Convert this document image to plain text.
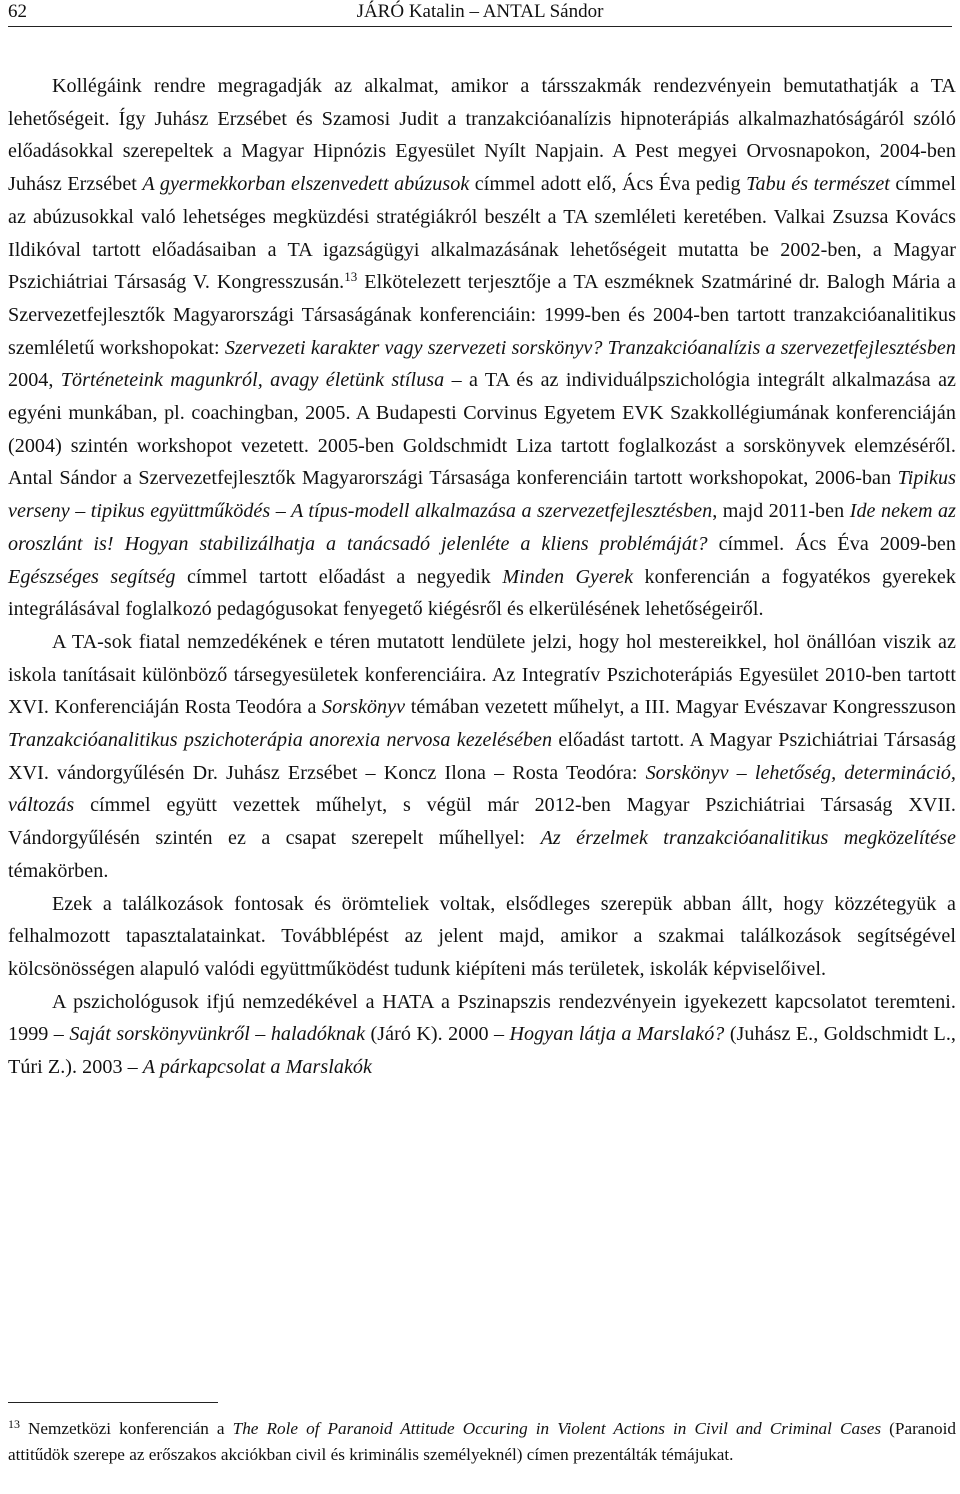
62	JÁRÓ Katalin – ANTAL Sándor

Kollégáink rendre megragadják az alkalmat, amikor a társszakmák rendezvényein bemutathatják a TA lehetőségeit. Így Juhász Erzsébet és Szamosi Judit a tranzakcióanalízis hipnoterápiás alkalmazhatóságáról szóló előadásokkal szerepeltek a Magyar Hipnózis Egyesület Nyílt Napjain. A Pest megyei Orvosnapokon, 2004-ben Juhász Erzsébet A gyermekkorban elszenvedett abúzusok címmel adott elő, Ács Éva pedig Tabu és természet címmel az abúzusokkal való lehetséges megküzdési stratégiákról beszélt a TA szemléleti keretében. Valkai Zsuzsa Kovács Ildikóval tartott előadásaiban a TA igazságügyi alkalmazásának lehetőségeit mutatta be 2002-ben, a Magyar Pszichiátriai Társaság V. Kongresszusán.$^{13}$ Elkötelezett terjesztője a TA eszméknek Szatmáriné dr. Balogh Mária a Szervezetfejlesztők Magyarországi Társaságának konferenciáin: 1999-ben és 2004-ben tartott tranzakcióanalitikus szemléletű workshopokat: Szervezeti karakter vagy szervezeti sorskönyv? Tranzakcióanalízis a szervezetfejlesztésben 2004, Történeteink magunkról, avagy életünk stílusa – a TA és az individuálpszichológia integrált alkalmazása az egyéni munkában, pl. coachingban, 2005. A Budapesti Corvinus Egyetem EVK Szakkollégiumának konferenciáján (2004) szintén workshopot vezetett. 2005-ben Goldschmidt Liza tartott foglalkozást a sorskönyvek elemzéséről. Antal Sándor a Szervezetfejlesztők Magyarországi Társasága konferenciáin tartott workshopokat, 2006-ban Tipikus verseny – tipikus együttműködés – A típus-modell alkalmazása a szervezetfejlesztésben, majd 2011-ben Ide nekem az oroszlánt is! Hogyan stabilizálhatja a tanácsadó jelenléte a kliens problémáját? címmel. Ács Éva 2009-ben Egészséges segítség címmel tartott előadást a negyedik Minden Gyerek konferencián a fogyatékos gyerekek integrálásával foglalkozó pedagógusokat fenyegető kiégésről és elkerülésének lehetőségeiről.

A TA-sok fiatal nemzedékének e téren mutatott lendülete jelzi, hogy hol mestereikkel, hol önállóan viszik az iskola tanításait különböző társegyesületek konferenciáira. Az Integratív Pszichoterápiás Egyesület 2010-ben tartott XVI. Konferenciáján Rosta Teodóra a Sorskönyv témában vezetett műhelyt, a III. Magyar Evészavar Kongresszuson Tranzakcióanalitikus pszichoterápia anorexia nervosa kezelésében előadást tartott. A Magyar Pszichiátriai Társaság XVI. vándorgyűlésén Dr. Juhász Erzsébet – Koncz Ilona – Rosta Teodóra: Sorskönyv – lehetőség, determináció, változás címmel együtt vezettek műhelyt, s végül már 2012-ben Magyar Pszichiátriai Társaság XVII. Vándorgyűlésén szintén ez a csapat szerepelt műhellyel: Az érzelmek tranzakcióanalitikus megközelítése témakörben.

Ezek a találkozások fontosak és örömteliek voltak, elsődleges szerepük abban állt, hogy közzétegyük a felhalmozott tapasztalatainkat. Továbblépést az jelent majd, amikor a szakmai találkozások segítségével kölcsönösségen alapuló valódi együttműködést tudunk kiépíteni más területek, iskolák képviselőivel.

A pszichológusok ifjú nemzedékével a HATA a Pszinapszis rendezvényein igyekezett kapcsolatot teremteni. 1999 – Saját sorskönyvünkről – haladóknak (Járó K). 2000 – Hogyan látja a Marslakó? (Juhász E., Goldschmidt L., Túri Z.). 2003 – A párkapcsolat a Marslakók

$^{13}$ Nemzetközi konferencián a The Role of Paranoid Attitude Occuring in Violent Actions in Civil and Criminal Cases (Paranoid attitűdök szerepe az erőszakos akciókban civil és kriminális személyeknél) címen prezentálták témájukat.
